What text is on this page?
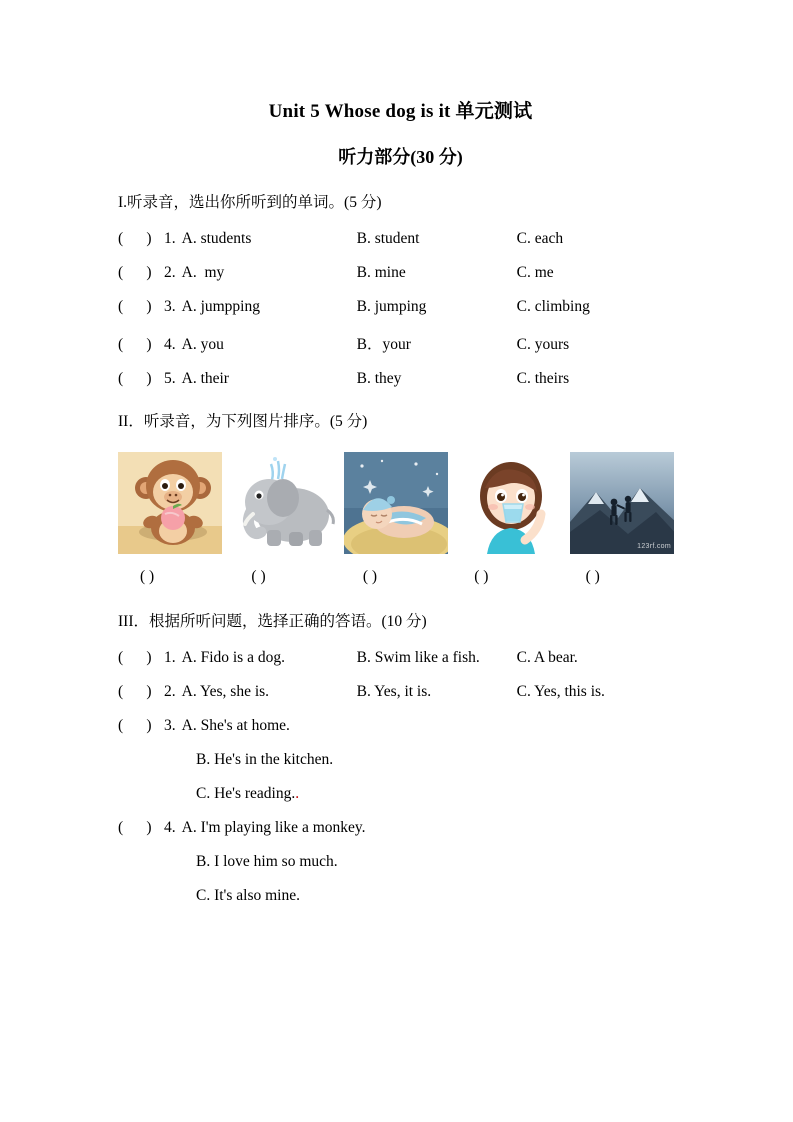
Unit 5 Whose dog is it 单元测试
听力部分(30 分)

I.听录音，选出你所听到的单词。(5 分)

(      ) 1. A. students	B. student	C. each
(      ) 2. A.  my	B. mine	C. me
(      ) 3. A. jumpping	B. jumping	C. climbing
(      ) 4. A. you	B．your	C. yours
(      ) 5. A. their	B. they	C. theirs

II．听录音，为下列图片排序。(5 分)

123rf.com
( )	( )	( )	( )	( )

III．根据所听问题，选择正确的答语。(10 分)

(      ) 1. A. Fido is a dog.	B. Swim like a fish.	C. A bear.
(      ) 2. A. Yes, she is.	B. Yes, it is.	C. Yes, this is.
(      ) 3. A. She's at home.
B. He's in the kitchen.
C. He's reading..
(      ) 4. A. I'm playing like a monkey.
B. I love him so much.
C. It's also mine.
